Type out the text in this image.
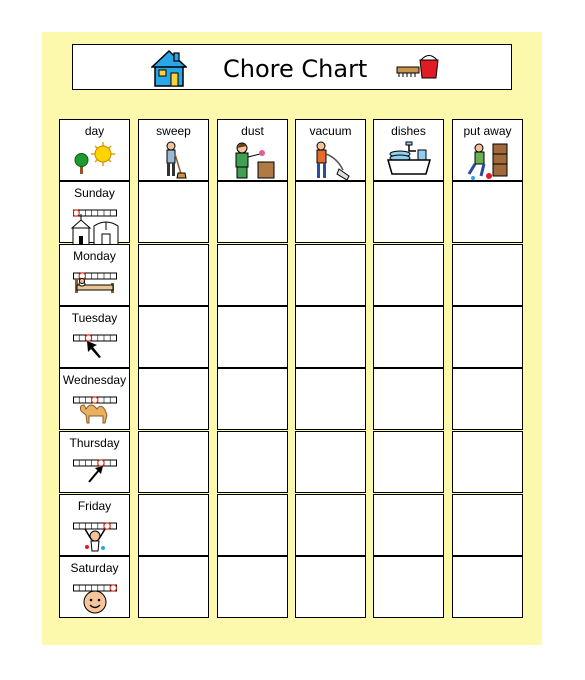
Chore Chart
day	sweep	dust	vacuum	dishes	put away
Sunday
Monday
Tuesday
Wednesday
Thursday
Friday
Saturday
